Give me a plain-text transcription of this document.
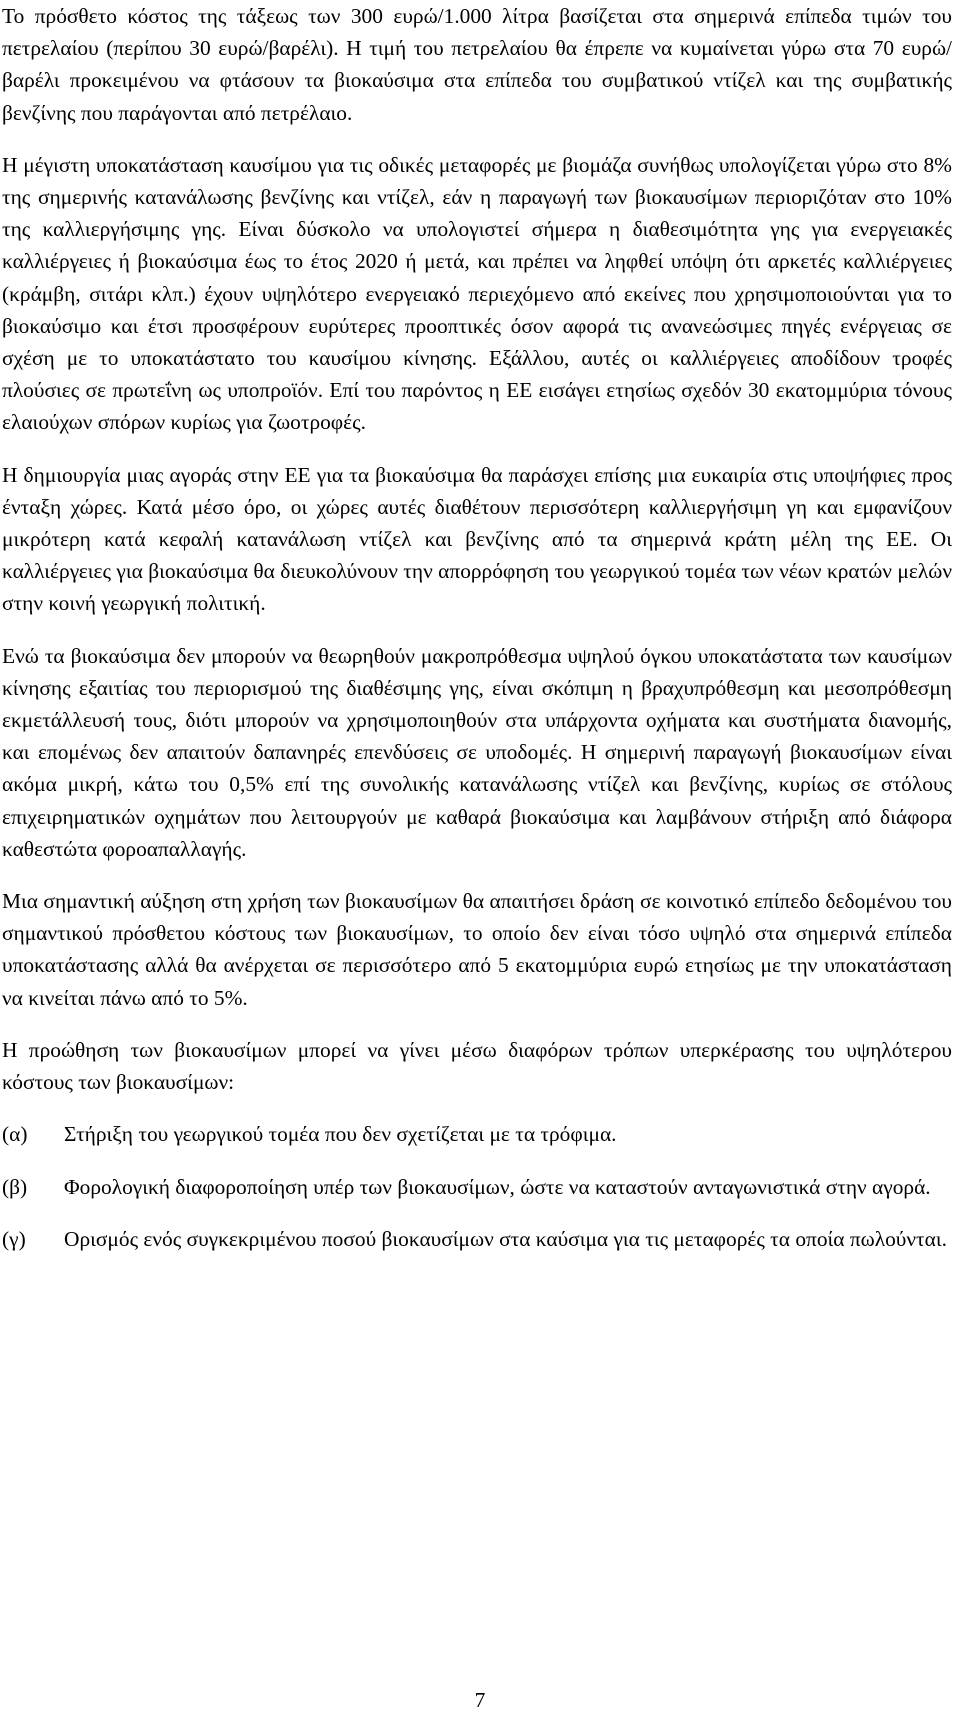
Το πρόσθετο κόστος της τάξεως των 300 ευρώ/1.000 λίτρα βασίζεται στα σημερινά επίπεδα τιμών του πετρελαίου (περίπου 30 ευρώ/βαρέλι). Η τιμή του πετρελαίου θα έπρεπε να κυμαίνεται γύρω στα 70 ευρώ/βαρέλι προκειμένου να φτάσουν τα βιοκαύσιμα στα επίπεδα του συμβατικού ντίζελ και της συμβατικής βενζίνης που παράγονται από πετρέλαιο.

Η μέγιστη υποκατάσταση καυσίμου για τις οδικές μεταφορές με βιομάζα συνήθως υπολογίζεται γύρω στο 8% της σημερινής κατανάλωσης βενζίνης και ντίζελ, εάν η παραγωγή των βιοκαυσίμων περιοριζόταν στο 10% της καλλιεργήσιμης γης. Είναι δύσκολο να υπολογιστεί σήμερα η διαθεσιμότητα γης για ενεργειακές καλλιέργειες ή βιοκαύσιμα έως το έτος 2020 ή μετά, και πρέπει να ληφθεί υπόψη ότι αρκετές καλλιέργειες (κράμβη, σιτάρι κλπ.) έχουν υψηλότερο ενεργειακό περιεχόμενο από εκείνες που χρησιμοποιούνται για το βιοκαύσιμο και έτσι προσφέρουν ευρύτερες προοπτικές όσον αφορά τις ανανεώσιμες πηγές ενέργειας σε σχέση με το υποκατάστατο του καυσίμου κίνησης. Εξάλλου, αυτές οι καλλιέργειες αποδίδουν τροφές πλούσιες σε πρωτεΐνη ως υποπροϊόν. Επί του παρόντος η ΕΕ εισάγει ετησίως σχεδόν 30 εκατομμύρια τόνους ελαιούχων σπόρων κυρίως για ζωοτροφές.

Η δημιουργία μιας αγοράς στην ΕΕ για τα βιοκαύσιμα θα παράσχει επίσης μια ευκαιρία στις υποψήφιες προς ένταξη χώρες. Κατά μέσο όρο, οι χώρες αυτές διαθέτουν περισσότερη καλλιεργήσιμη γη και εμφανίζουν μικρότερη κατά κεφαλή κατανάλωση ντίζελ και βενζίνης από τα σημερινά κράτη μέλη της ΕΕ. Οι καλλιέργειες για βιοκαύσιμα θα διευκολύνουν την απορρόφηση του γεωργικού τομέα των νέων κρατών μελών στην κοινή γεωργική πολιτική.

Ενώ τα βιοκαύσιμα δεν μπορούν να θεωρηθούν μακροπρόθεσμα υψηλού όγκου υποκατάστατα των καυσίμων κίνησης εξαιτίας του περιορισμού της διαθέσιμης γης, είναι σκόπιμη η βραχυπρόθεσμη και μεσοπρόθεσμη εκμετάλλευσή τους, διότι μπορούν να χρησιμοποιηθούν στα υπάρχοντα οχήματα και συστήματα διανομής, και επομένως δεν απαιτούν δαπανηρές επενδύσεις σε υποδομές. Η σημερινή παραγωγή βιοκαυσίμων είναι ακόμα μικρή, κάτω του 0,5% επί της συνολικής κατανάλωσης ντίζελ και βενζίνης, κυρίως σε στόλους επιχειρηματικών οχημάτων που λειτουργούν με καθαρά βιοκαύσιμα και λαμβάνουν στήριξη από διάφορα καθεστώτα φοροαπαλλαγής.

Μια σημαντική αύξηση στη χρήση των βιοκαυσίμων θα απαιτήσει δράση σε κοινοτικό επίπεδο δεδομένου του σημαντικού πρόσθετου κόστους των βιοκαυσίμων, το οποίο δεν είναι τόσο υψηλό στα σημερινά επίπεδα υποκατάστασης αλλά θα ανέρχεται σε περισσότερο από 5 εκατομμύρια ευρώ ετησίως με την υποκατάσταση να κινείται πάνω από το 5%.

Η προώθηση των βιοκαυσίμων μπορεί να γίνει μέσω διαφόρων τρόπων υπερκέρασης του υψηλότερου κόστους των βιοκαυσίμων:

(α)	Στήριξη του γεωργικού τομέα που δεν σχετίζεται με τα τρόφιμα.
(β)	Φορολογική διαφοροποίηση υπέρ των βιοκαυσίμων, ώστε να καταστούν ανταγωνιστικά στην αγορά.
(γ)	Ορισμός ενός συγκεκριμένου ποσού βιοκαυσίμων στα καύσιμα για τις μεταφορές τα οποία πωλούνται.
7
